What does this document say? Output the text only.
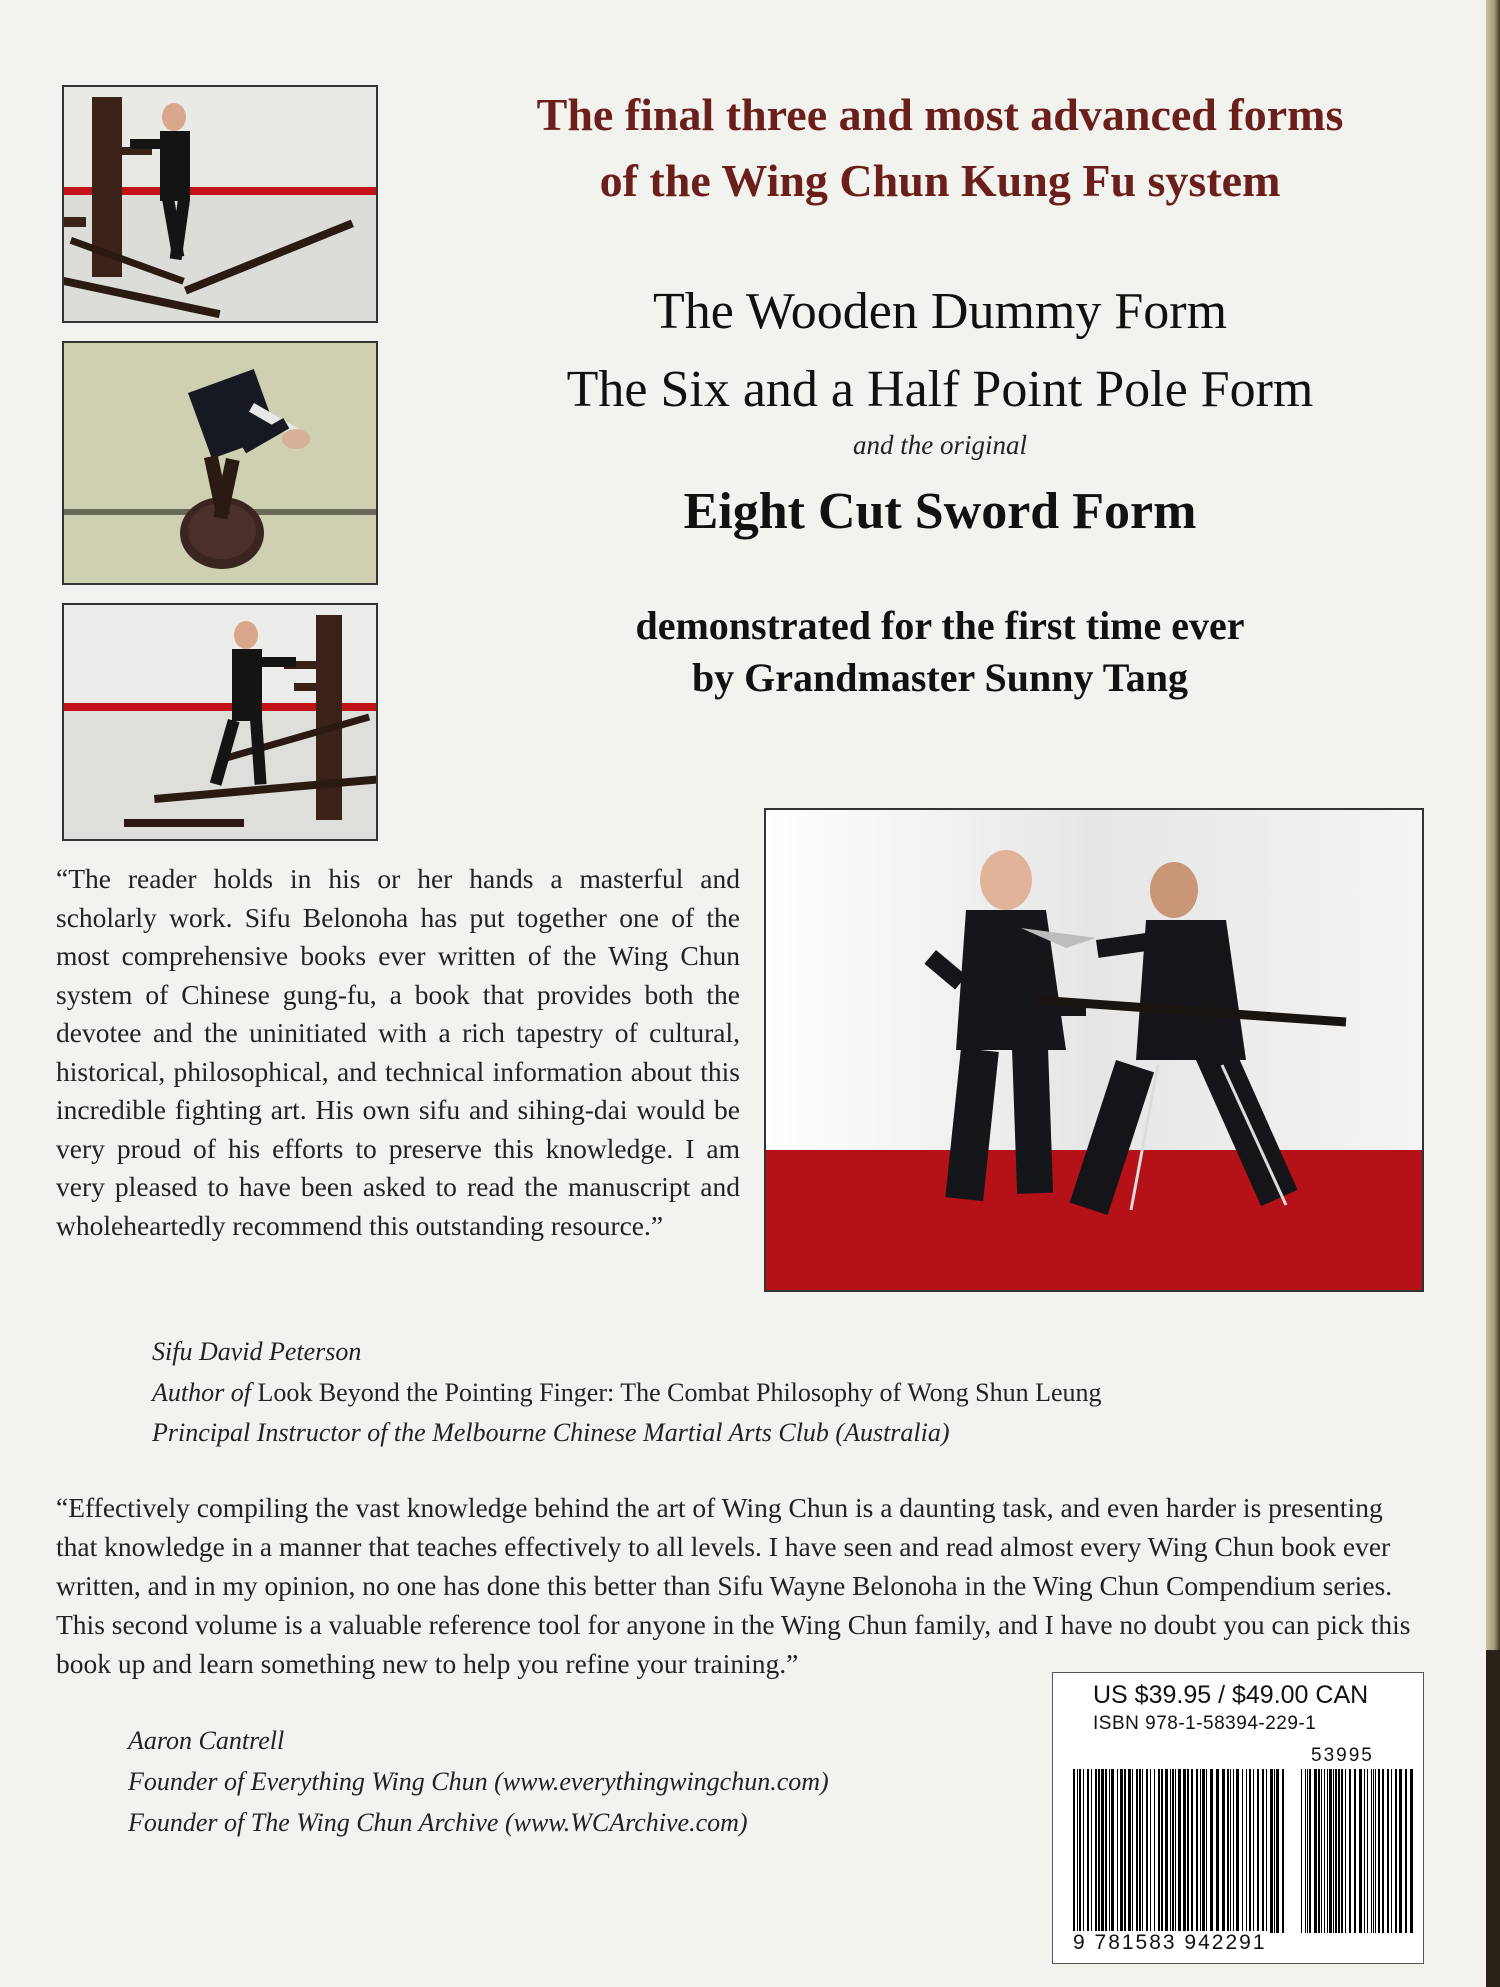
The final three and most advanced forms
of the Wing Chun Kung Fu system
The Wooden Dummy Form
The Six and a Half Point Pole Form
and the original
Eight Cut Sword Form
demonstrated for the first time ever
by Grandmaster Sunny Tang
“The reader holds in his or her hands a masterful and scholarly work. Sifu Belonoha has put together one of the most comprehensive books ever written of the Wing Chun system of Chinese gung-fu, a book that provides both the devotee and the uninitiated with a rich tapestry of cultural, historical, philosophical, and technical information about this incredible fighting art. His own sifu and sihing-dai would be very proud of his efforts to preserve this knowledge. I am very pleased to have been asked to read the manuscript and wholeheartedly recommend this outstanding resource.”
Sifu David Peterson
Author of Look Beyond the Pointing Finger: The Combat Philosophy of Wong Shun Leung
Principal Instructor of the Melbourne Chinese Martial Arts Club (Australia)
“Effectively compiling the vast knowledge behind the art of Wing Chun is a daunting task, and even harder is presenting that knowledge in a manner that teaches effectively to all levels. I have seen and read almost every Wing Chun book ever written, and in my opinion, no one has done this better than Sifu Wayne Belonoha in the Wing Chun Compendium series. This second volume is a valuable reference tool for anyone in the Wing Chun family, and I have no doubt you can pick this book up and learn something new to help you refine your training.”
Aaron Cantrell
Founder of Everything Wing Chun (www.everythingwingchun.com)
Founder of The Wing Chun Archive (www.WCArchive.com)
US $39.95 / $49.00 CAN
ISBN 978-1-58394-229-1
53995
9 781583 942291
